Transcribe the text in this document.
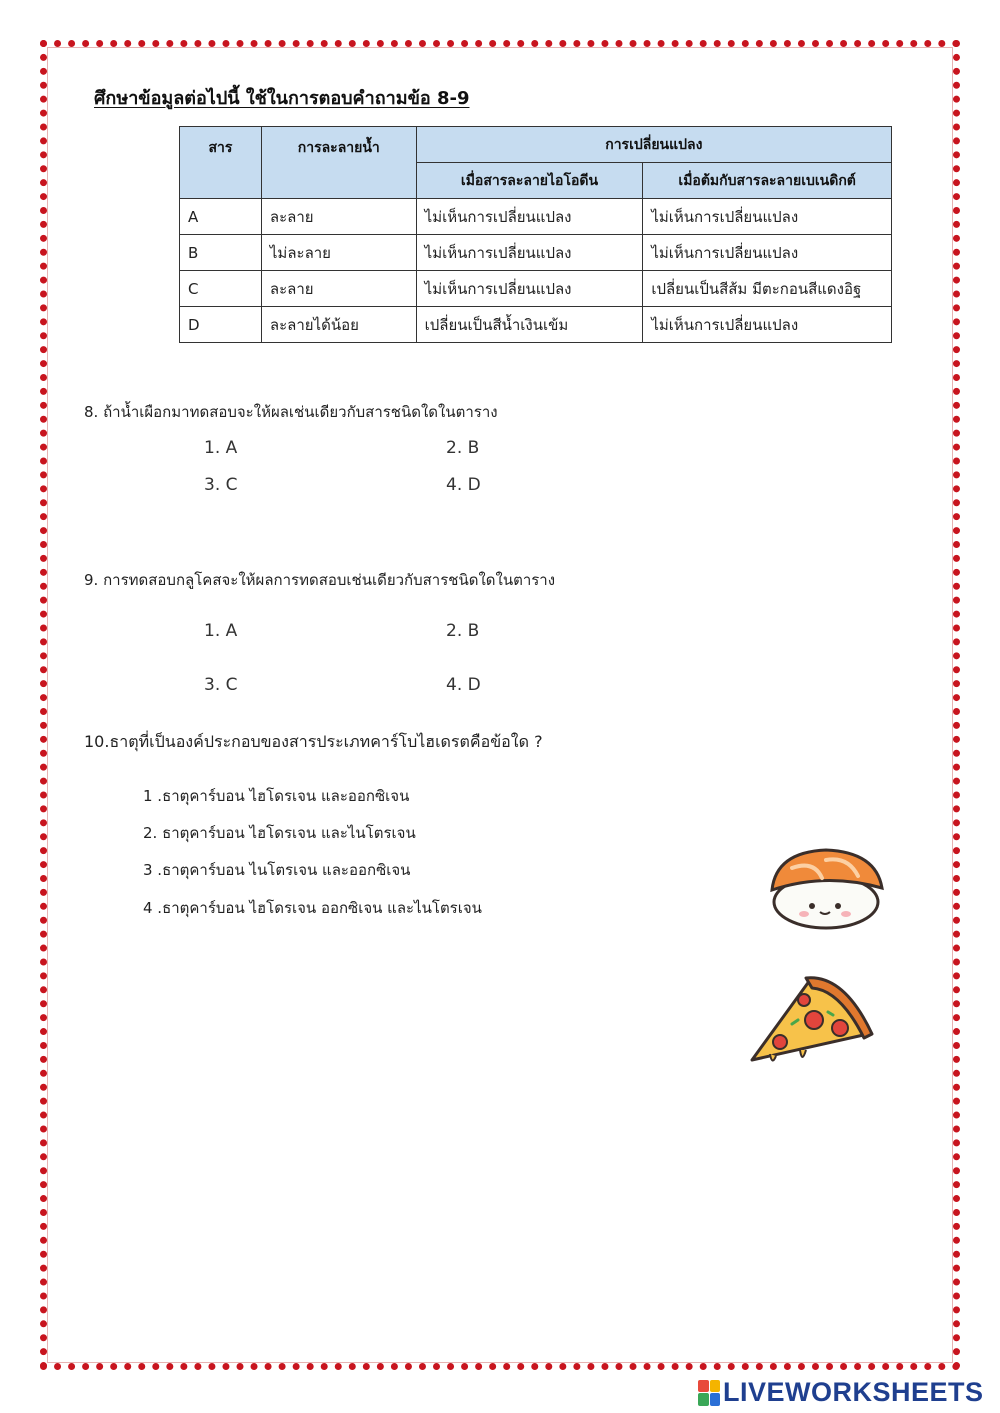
ศึกษาข้อมูลต่อไปนี้ ใช้ในการตอบคำถามข้อ 8-9
สาร	การละลายน้ำ	การเปลี่ยนแปลง	
		เมื่อสารละลายไอโอดีน	เมื่อต้มกับสารละลายเบเนดิกต์
A	ละลาย	ไม่เห็นการเปลี่ยนแปลง	ไม่เห็นการเปลี่ยนแปลง
B	ไม่ละลาย	ไม่เห็นการเปลี่ยนแปลง	ไม่เห็นการเปลี่ยนแปลง
C	ละลาย	ไม่เห็นการเปลี่ยนแปลง	เปลี่ยนเป็นสีส้ม มีตะกอนสีแดงอิฐ
D	ละลายได้น้อย	เปลี่ยนเป็นสีน้ำเงินเข้ม	ไม่เห็นการเปลี่ยนแปลง
8. ถ้าน้ำเผือกมาทดสอบจะให้ผลเช่นเดียวกับสารชนิดใดในตาราง
1. A	2. B
3. C	4. D
9. การทดสอบกลูโคสจะให้ผลการทดสอบเช่นเดียวกับสารชนิดใดในตาราง
1. A	2. B
3. C	4. D
10.ธาตุที่เป็นองค์ประกอบของสารประเภทคาร์โบไฮเดรตคือข้อใด ?
1 .ธาตุคาร์บอน ไฮโดรเจน และออกซิเจน
2. ธาตุคาร์บอน ไฮโดรเจน และไนโตรเจน
3 .ธาตุคาร์บอน ไนโตรเจน และออกซิเจน
4 .ธาตุคาร์บอน ไฮโดรเจน ออกซิเจน และไนโตรเจน
LIVEWORKSHEETS
